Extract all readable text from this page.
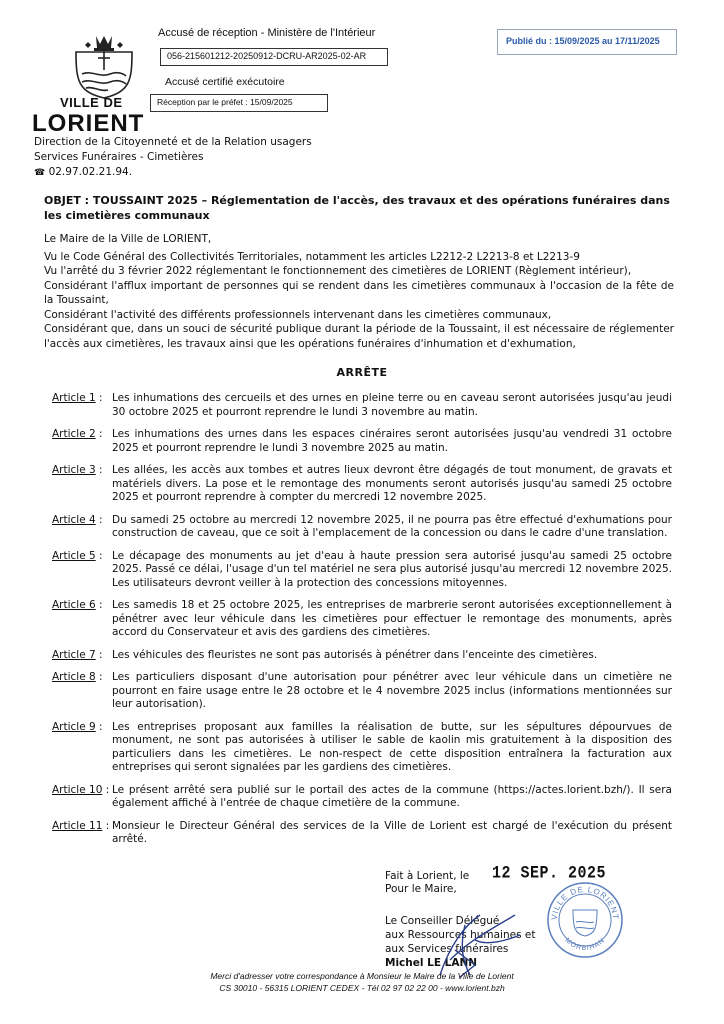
Accusé de réception - Ministère de l'Intérieur
056-215601212-20250912-DCRU-AR2025-02-AR
Accusé certifié exécutoire
Réception par le préfet : 15/09/2025
Publié du : 15/09/2025 au 17/11/2025
VILLE DE
LORIENT
Direction de la Citoyenneté et de la Relation usagers
Services Funéraires - Cimetières
☎ 02.97.02.21.94.
OBJET : TOUSSAINT 2025 – Réglementation de l'accès, des travaux et des opérations funéraires dans
les cimetières communaux
Le Maire de la Ville de LORIENT,
Vu le Code Général des Collectivités Territoriales, notamment les articles L2212-2 L2213-8 et L2213-9
Vu l'arrêté du 3 février 2022 réglementant le fonctionnement des cimetières de LORIENT (Règlement intérieur),
Considérant l'afflux important de personnes qui se rendent dans les cimetières communaux à l'occasion de la fête de la Toussaint,
Considérant l'activité des différents professionnels intervenant dans les cimetières communaux,
Considérant que, dans un souci de sécurité publique durant la période de la Toussaint, il est nécessaire de réglementer l'accès aux cimetières, les travaux ainsi que les opérations funéraires d'inhumation et d'exhumation,
ARRÊTE
Article 1 : Les inhumations des cercueils et des urnes en pleine terre ou en caveau seront autorisées jusqu'au jeudi 30 octobre 2025 et pourront reprendre le lundi 3 novembre au matin.
Article 2 : Les inhumations des urnes dans les espaces cinéraires seront autorisées jusqu'au vendredi 31 octobre 2025 et pourront reprendre le lundi 3 novembre 2025 au matin.
Article 3 : Les allées, les accès aux tombes et autres lieux devront être dégagés de tout monument, de gravats et matériels divers. La pose et le remontage des monuments seront autorisés jusqu'au samedi 25 octobre 2025 et pourront reprendre à compter du mercredi 12 novembre 2025.
Article 4 : Du samedi 25 octobre au mercredi 12 novembre 2025, il ne pourra pas être effectué d'exhumations pour construction de caveau, que ce soit à l'emplacement de la concession ou dans le cadre d'une translation.
Article 5 : Le décapage des monuments au jet d'eau à haute pression sera autorisé jusqu'au samedi 25 octobre 2025. Passé ce délai, l'usage d'un tel matériel ne sera plus autorisé jusqu'au mercredi 12 novembre 2025. Les utilisateurs devront veiller à la protection des concessions mitoyennes.
Article 6 : Les samedis 18 et 25 octobre 2025, les entreprises de marbrerie seront autorisées exceptionnellement à pénétrer avec leur véhicule dans les cimetières pour effectuer le remontage des monuments, après accord du Conservateur et avis des gardiens des cimetières.
Article 7 : Les véhicules des fleuristes ne sont pas autorisés à pénétrer dans l'enceinte des cimetières.
Article 8 : Les particuliers disposant d'une autorisation pour pénétrer avec leur véhicule dans un cimetière ne pourront en faire usage entre le 28 octobre et le 4 novembre 2025 inclus (informations mentionnées sur leur autorisation).
Article 9 : Les entreprises proposant aux familles la réalisation de butte, sur les sépultures dépourvues de monument, ne sont pas autorisées à utiliser le sable de kaolin mis gratuitement à la disposition des particuliers dans les cimetières. Le non-respect de cette disposition entraînera la facturation aux entreprises qui seront signalées par les gardiens des cimetières.
Article 10 : Le présent arrêté sera publié sur le portail des actes de la commune (https://actes.lorient.bzh/). Il sera également affiché à l'entrée de chaque cimetière de la commune.
Article 11 : Monsieur le Directeur Général des services de la Ville de Lorient est chargé de l'exécution du présent arrêté.
Fait à Lorient, le 12 SEP. 2025
Pour le Maire,
Le Conseiller Délégué
aux Ressources humaines et
aux Services funéraires
Michel LE LANN
VILLE DE LORIENT
MORBIHAN
Merci d'adresser votre correspondance à Monsieur le Maire de la Ville de Lorient
CS 30010 - 56315 LORIENT CEDEX - Tél 02 97 02 22 00 - www.lorient.bzh
